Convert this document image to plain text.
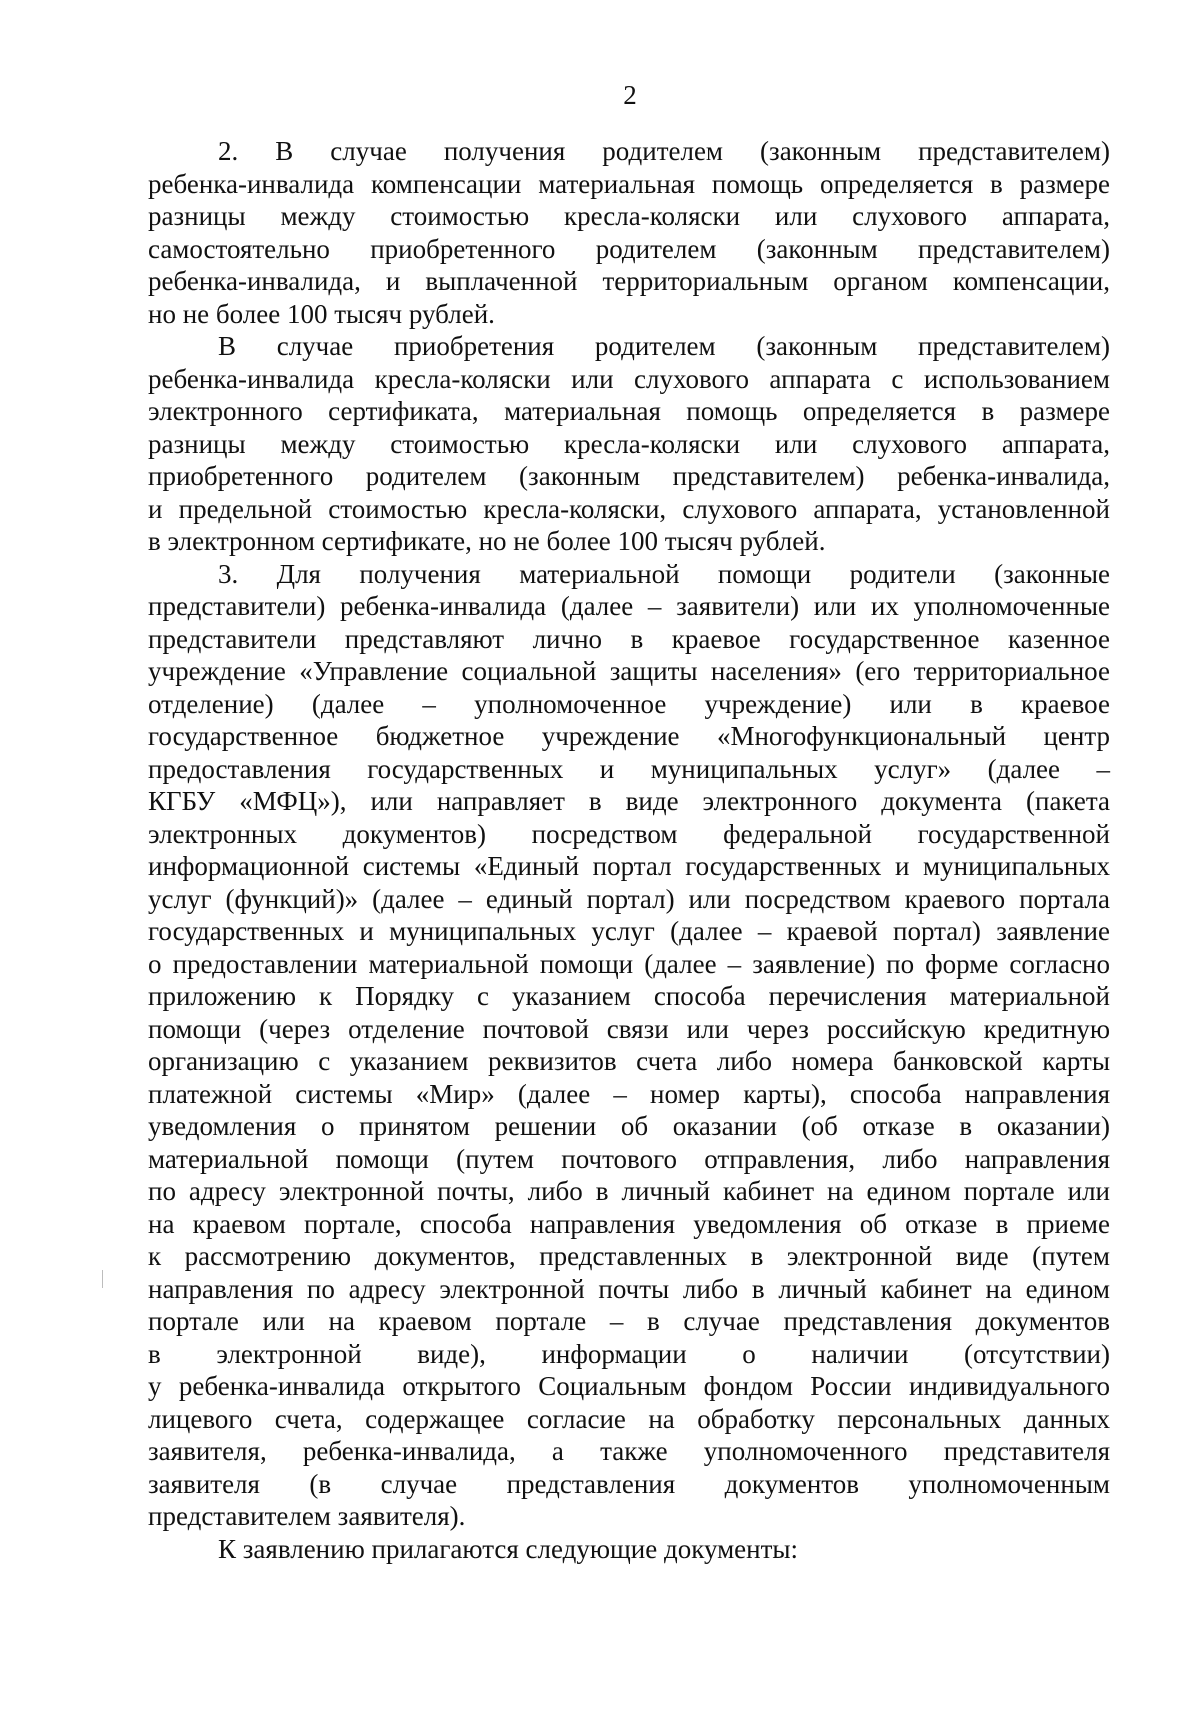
2

2. В случае получения родителем (законным представителем)
ребенка-инвалида компенсации материальная помощь определяется в размере
разницы между стоимостью кресла-коляски или слухового аппарата,
самостоятельно приобретенного родителем (законным представителем)
ребенка-инвалида, и выплаченной территориальным органом компенсации,
но не более 100 тысяч рублей.

В случае приобретения родителем (законным представителем)
ребенка-инвалида кресла-коляски или слухового аппарата с использованием
электронного сертификата, материальная помощь определяется в размере
разницы между стоимостью кресла-коляски или слухового аппарата,
приобретенного родителем (законным представителем) ребенка-инвалида,
и предельной стоимостью кресла-коляски, слухового аппарата, установленной
в электронном сертификате, но не более 100 тысяч рублей.

3. Для получения материальной помощи родители (законные
представители) ребенка-инвалида (далее – заявители) или их уполномоченные
представители представляют лично в краевое государственное казенное
учреждение «Управление социальной защиты населения» (его территориальное
отделение) (далее – уполномоченное учреждение) или в краевое
государственное бюджетное учреждение «Многофункциональный центр
предоставления государственных и муниципальных услуг» (далее –
КГБУ «МФЦ»), или направляет в виде электронного документа (пакета
электронных документов) посредством федеральной государственной
информационной системы «Единый портал государственных и муниципальных
услуг (функций)» (далее – единый портал) или посредством краевого портала
государственных и муниципальных услуг (далее – краевой портал) заявление
о предоставлении материальной помощи (далее – заявление) по форме согласно
приложению к Порядку с указанием способа перечисления материальной
помощи (через отделение почтовой связи или через российскую кредитную
организацию с указанием реквизитов счета либо номера банковской карты
платежной системы «Мир» (далее – номер карты), способа направления
уведомления о принятом решении об оказании (об отказе в оказании)
материальной помощи (путем почтового отправления, либо направления
по адресу электронной почты, либо в личный кабинет на едином портале или
на краевом портале, способа направления уведомления об отказе в приеме
к рассмотрению документов, представленных в электронной виде (путем
направления по адресу электронной почты либо в личный кабинет на едином
портале или на краевом портале – в случае представления документов
в электронной виде), информации о наличии (отсутствии)
у ребенка-инвалида открытого Социальным фондом России индивидуального
лицевого счета, содержащее согласие на обработку персональных данных
заявителя, ребенка-инвалида, а также уполномоченного представителя
заявителя (в случае представления документов уполномоченным
представителем заявителя).

К заявлению прилагаются следующие документы:
